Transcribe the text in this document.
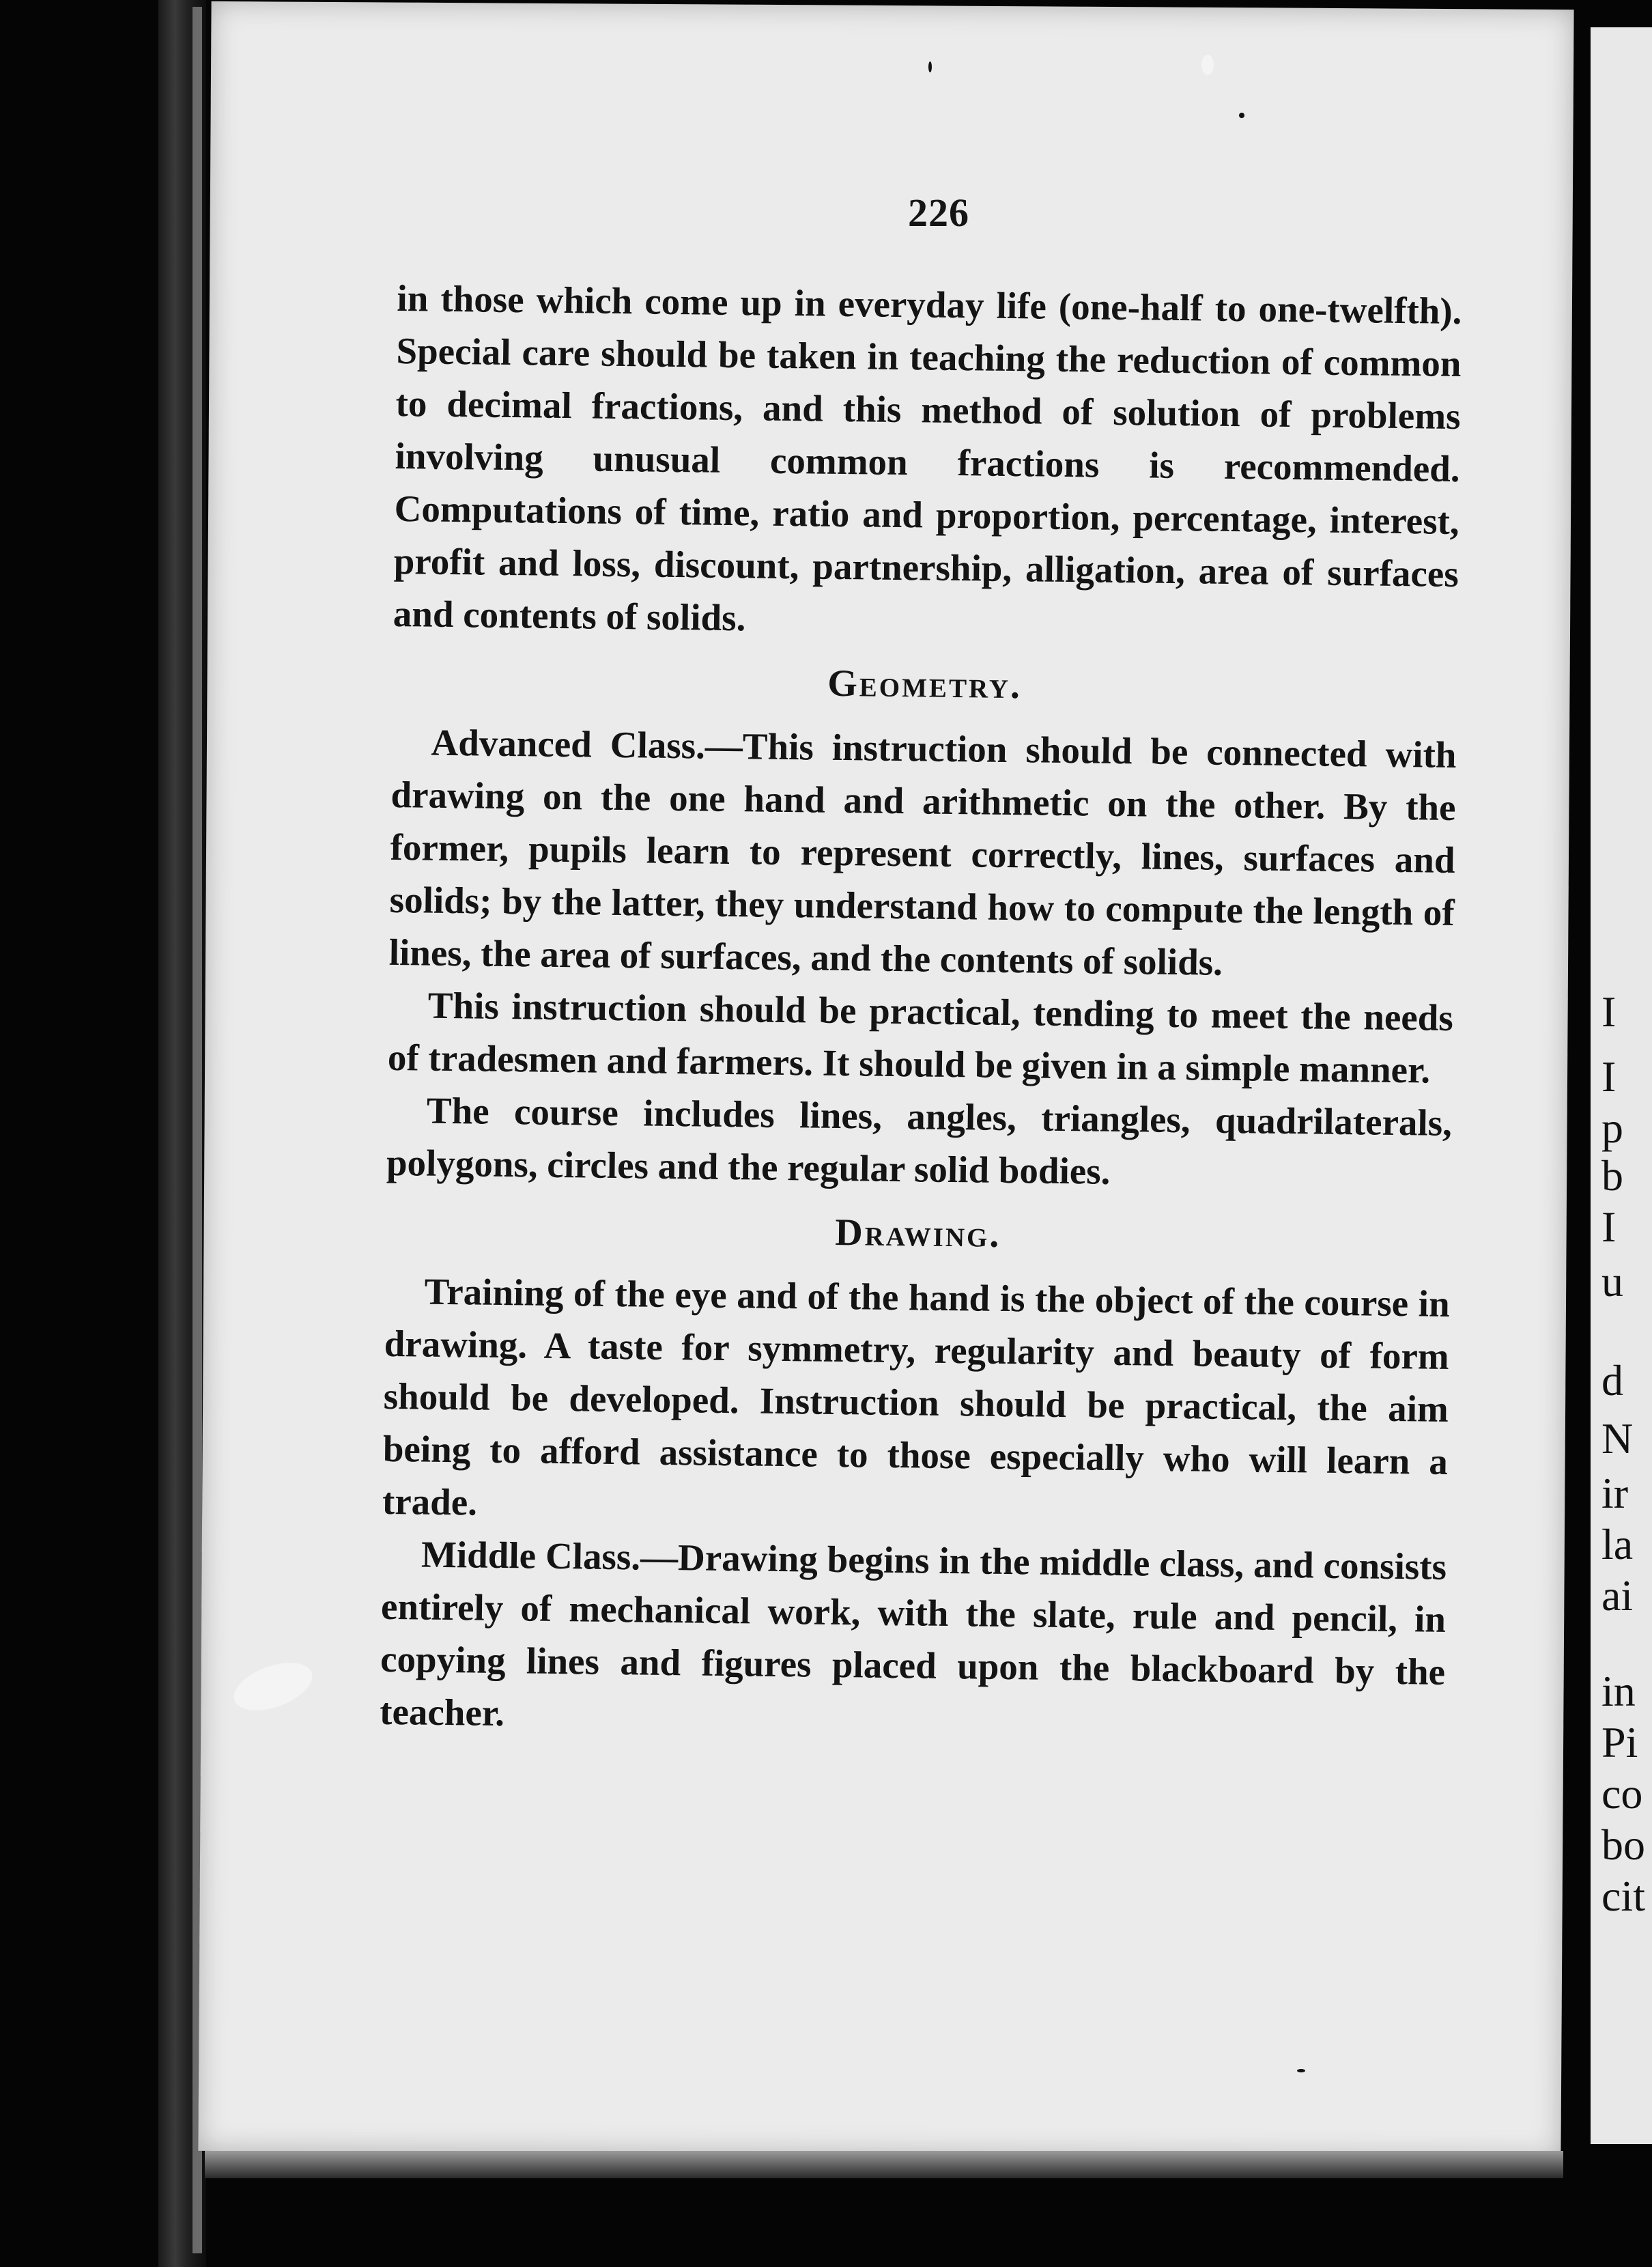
I
I
p
b
I
u
d
N
ir
la
ai
in
Pi
co
bo
cit
226

in those which come up in everyday life (one-half to one-twelfth). Special care should be taken in teaching the reduction of common to decimal fractions, and this method of solution of problems involving unusual common fractions is recommended. Computations of time, ratio and proportion, percentage, interest, profit and loss, discount, partnership, alligation, area of surfaces and contents of solids.

Geometry.

Advanced Class.—This instruction should be connected with drawing on the one hand and arithmetic on the other. By the former, pupils learn to represent correctly, lines, surfaces and solids; by the latter, they understand how to compute the length of lines, the area of surfaces, and the contents of solids.

This instruction should be practical, tending to meet the needs of tradesmen and farmers. It should be given in a simple manner.

The course includes lines, angles, triangles, quadrilaterals, polygons, circles and the regular solid bodies.

Drawing.

Training of the eye and of the hand is the object of the course in drawing. A taste for symmetry, regularity and beauty of form should be developed. Instruction should be practical, the aim being to afford assistance to those especially who will learn a trade.

Middle Class.—Drawing begins in the middle class, and consists entirely of mechanical work, with the slate, rule and pencil, in copying lines and figures placed upon the blackboard by the teacher.
